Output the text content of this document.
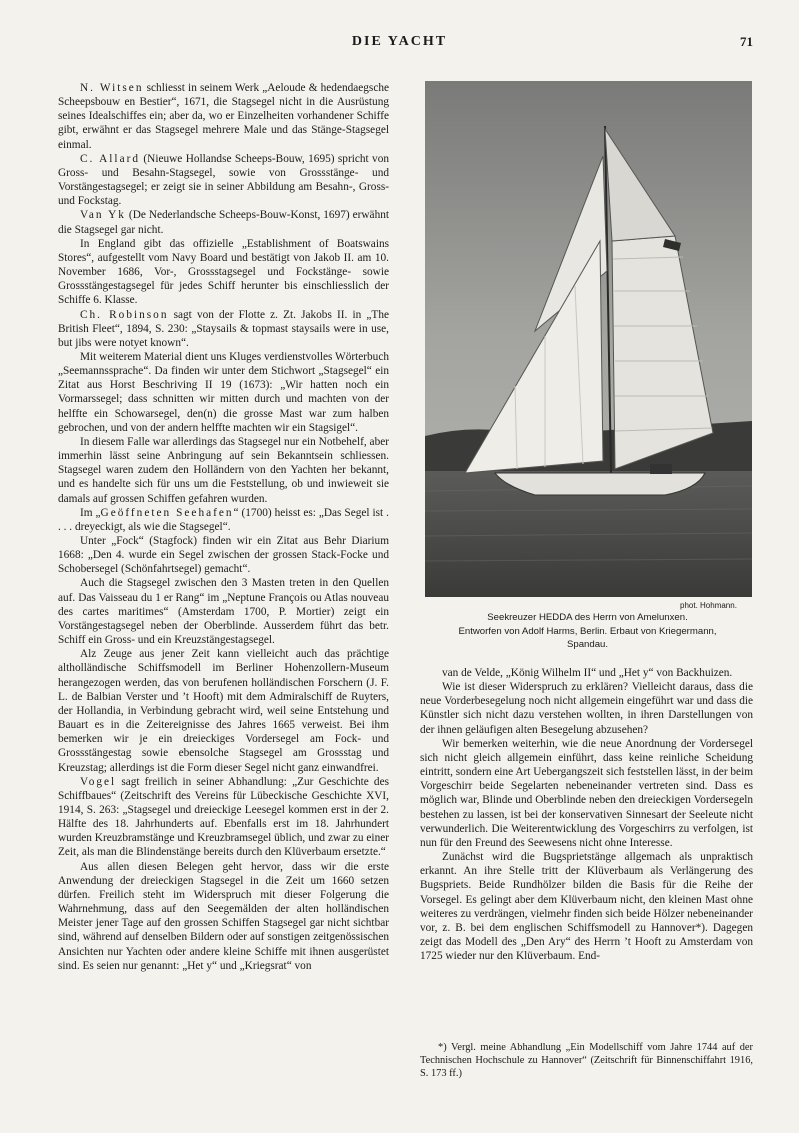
DIE YACHT	71

N. Witsen schliesst in seinem Werk „Aeloude & hedendaegsche Scheepsbouw en Bestier“, 1671, die Stagsegel nicht in die Ausrüstung seines Idealschiffes ein; aber da, wo er Einzelheiten vorhandener Schiffe gibt, erwähnt er das Stagsegel mehrere Male und das Stänge-Stagsegel einmal.

C. Allard (Nieuwe Hollandse Scheeps-Bouw, 1695) spricht von Gross- und Besahn-Stagsegel, sowie von Grossstänge- und Vorstängestagsegel; er zeigt sie in seiner Abbildung am Besahn-, Gross- und Fockstag.

Van Yk (De Nederlandsche Scheeps-Bouw-Konst, 1697) erwähnt die Stagsegel gar nicht.

In England gibt das offizielle „Establishment of Boatswains Stores“, aufgestellt vom Navy Board und bestätigt von Jakob II. am 10. November 1686, Vor-, Grossstagsegel und Fockstänge- sowie Grossstängestagsegel für jedes Schiff herunter bis einschliesslich der Schiffe 6. Klasse.

Ch. Robinson sagt von der Flotte z. Zt. Jakobs II. in „The British Fleet“, 1894, S. 230: „Staysails & topmast staysails were in use, but jibs were notyet known“.

Mit weiterem Material dient uns Kluges verdienstvolles Wörterbuch „Seemannssprache“. Da finden wir unter dem Stichwort „Stagsegel“ ein Zitat aus Horst Beschriving II 19 (1673): „Wir hatten noch ein Vormarssegel; dass schnitten wir mitten durch und machten von der helffte ein Schowarsegel, den(n) die grosse Mast war zum halben gebrochen, und von der andern helffte machten wir ein Stagsigel“.

In diesem Falle war allerdings das Stagsegel nur ein Notbehelf, aber immerhin lässt seine Anbringung auf sein Bekanntsein schliessen. Stagsegel waren zudem den Holländern von den Yachten her bekannt, und es handelte sich für uns um die Feststellung, ob und inwieweit sie damals auf grossen Schiffen gefahren wurden.

Im „Geöffneten Seehafen“ (1700) heisst es: „Das Segel ist . . . . dreyeckigt, als wie die Stagsegel“.

Unter „Fock“ (Stagfock) finden wir ein Zitat aus Behr Diarium 1668: „Den 4. wurde ein Segel zwischen der grossen Stack-Focke und Schobersegel (Schönfahrtsegel) gemacht“.

Auch die Stagsegel zwischen den 3 Masten treten in den Quellen auf. Das Vaisseau du 1 er Rang“ im „Neptune François ou Atlas nouveau des cartes maritimes“ (Amsterdam 1700, P. Mortier) zeigt ein Vorstängestagsegel neben der Oberblinde. Ausserdem führt das betr. Schiff ein Gross- und ein Kreuzstängestagsegel.

Alz Zeuge aus jener Zeit kann vielleicht auch das prächtige altholländische Schiffsmodell im Berliner Hohenzollern-Museum herangezogen werden, das von berufenen holländischen Forschern (J. F. L. de Balbian Verster und ’t Hooft) mit dem Admiralschiff de Ruyters, der Hollandia, in Verbindung gebracht wird, weil seine Entstehung und Bauart es in die Zeitereignisse des Jahres 1665 verweist. Bei ihm bemerken wir je ein dreieckiges Vordersegel am Fock- und Grossstängestag sowie ebensolche Stagsegel am Grossstag und Kreuzstag; allerdings ist die Form dieser Segel nicht ganz einwandfrei.

Vogel sagt freilich in seiner Abhandlung: „Zur Geschichte des Schiffbaues“ (Zeitschrift des Vereins für Lübeckische Geschichte XVI, 1914, S. 263: „Stagsegel und dreieckige Leesegel kommen erst in der 2. Hälfte des 18. Jahrhunderts auf. Ebenfalls erst im 18. Jahrhundert wurden Kreuzbramstänge und Kreuzbramsegel üblich, und zwar zu einer Zeit, als man die Blindenstänge bereits durch den Klüverbaum ersetzte.“

Aus allen diesen Belegen geht hervor, dass wir die erste Anwendung der dreieckigen Stagsegel in die Zeit um 1660 setzen dürfen. Freilich steht im Widerspruch mit dieser Folgerung die Wahrnehmung, dass auf den Seegemälden der alten holländischen Meister jener Tage auf den grossen Schiffen Stagsegel gar nicht sichtbar sind, während auf denselben Bildern oder auf sonstigen zeitgenössischen Ansichten nur Yachten oder andere kleine Schiffe mit ihnen ausgerüstet sind. Es seien nur genannt: „Het y“ und „Kriegsrat“ von

phot. Hohmann.
Seekreuzer HEDDA des Herrn von Amelunxen.
Entworfen von Adolf Harms, Berlin. Erbaut von Kriegermann,
Spandau.

van de Velde, „König Wilhelm II“ und „Het y“ von Backhuizen.

Wie ist dieser Widerspruch zu erklären? Vielleicht daraus, dass die neue Vorderbesegelung noch nicht allgemein eingeführt war und dass die Künstler sich nicht dazu verstehen wollten, in ihren Darstellungen von der ihnen geläufigen alten Besegelung abzusehen?

Wir bemerken weiterhin, wie die neue Anordnung der Vordersegel sich nicht gleich allgemein einführt, dass keine reinliche Scheidung eintritt, sondern eine Art Uebergangszeit sich feststellen lässt, in der beim Vorgeschirr beide Segelarten nebeneinander vertreten sind. Dass es möglich war, Blinde und Oberblinde neben den dreieckigen Vordersegeln bestehen zu lassen, ist bei der konservativen Sinnesart der Seeleute nicht verwunderlich. Die Weiterentwicklung des Vorgeschirrs zu verfolgen, ist nun für den Freund des Seewesens nicht ohne Interesse.

Zunächst wird die Bugsprietstänge allgemach als unpraktisch erkannt. An ihre Stelle tritt der Klüverbaum als Verlängerung des Bugspriets. Beide Rundhölzer bilden die Basis für die Reihe der Vorsegel. Es gelingt aber dem Klüverbaum nicht, den kleinen Mast ohne weiteres zu verdrängen, vielmehr finden sich beide Hölzer nebeneinander vor, z. B. bei dem englischen Schiffsmodell zu Hannover*). Dagegen zeigt das Modell des „Den Ary“ des Herrn ’t Hooft zu Amsterdam von 1725 wieder nur den Klüverbaum. End-

*) Vergl. meine Abhandlung „Ein Modellschiff vom Jahre 1744 auf der Technischen Hochschule zu Hannover“ (Zeitschrift für Binnenschiffahrt 1916, S. 173 ff.)
